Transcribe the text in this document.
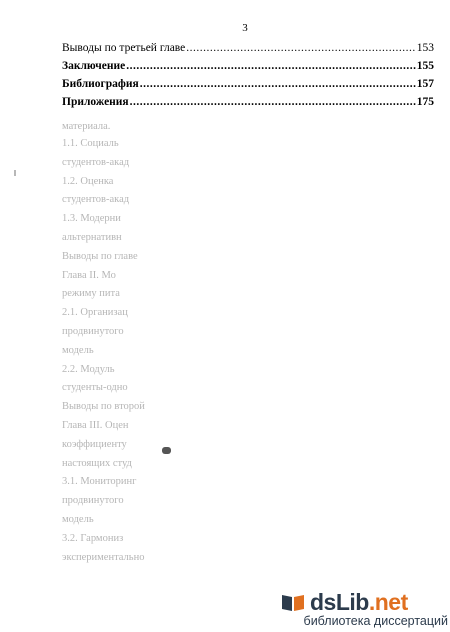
3
Выводы по третьей главе .....	153
Заключение .....	155
Библиография .....	157
Приложения .....	175
материала.
1.1. Социаль
студентов-акад
1.2. Оценка
студентов-акад
1.3. Модерни
альтернативн
Выводы по главе
Глава II. Мо
режиму пита
2.1. Организац
продвинутого
модель
2.2. Модуль
студенты-одно
Выводы по второй
Глава III. Оцен
коэффициенту
настоящих студ
3.1. Мониторинг
продвинутого
модель
3.2. Гармониз
экспериментально
dsLib.net
библиотека диссертаций
